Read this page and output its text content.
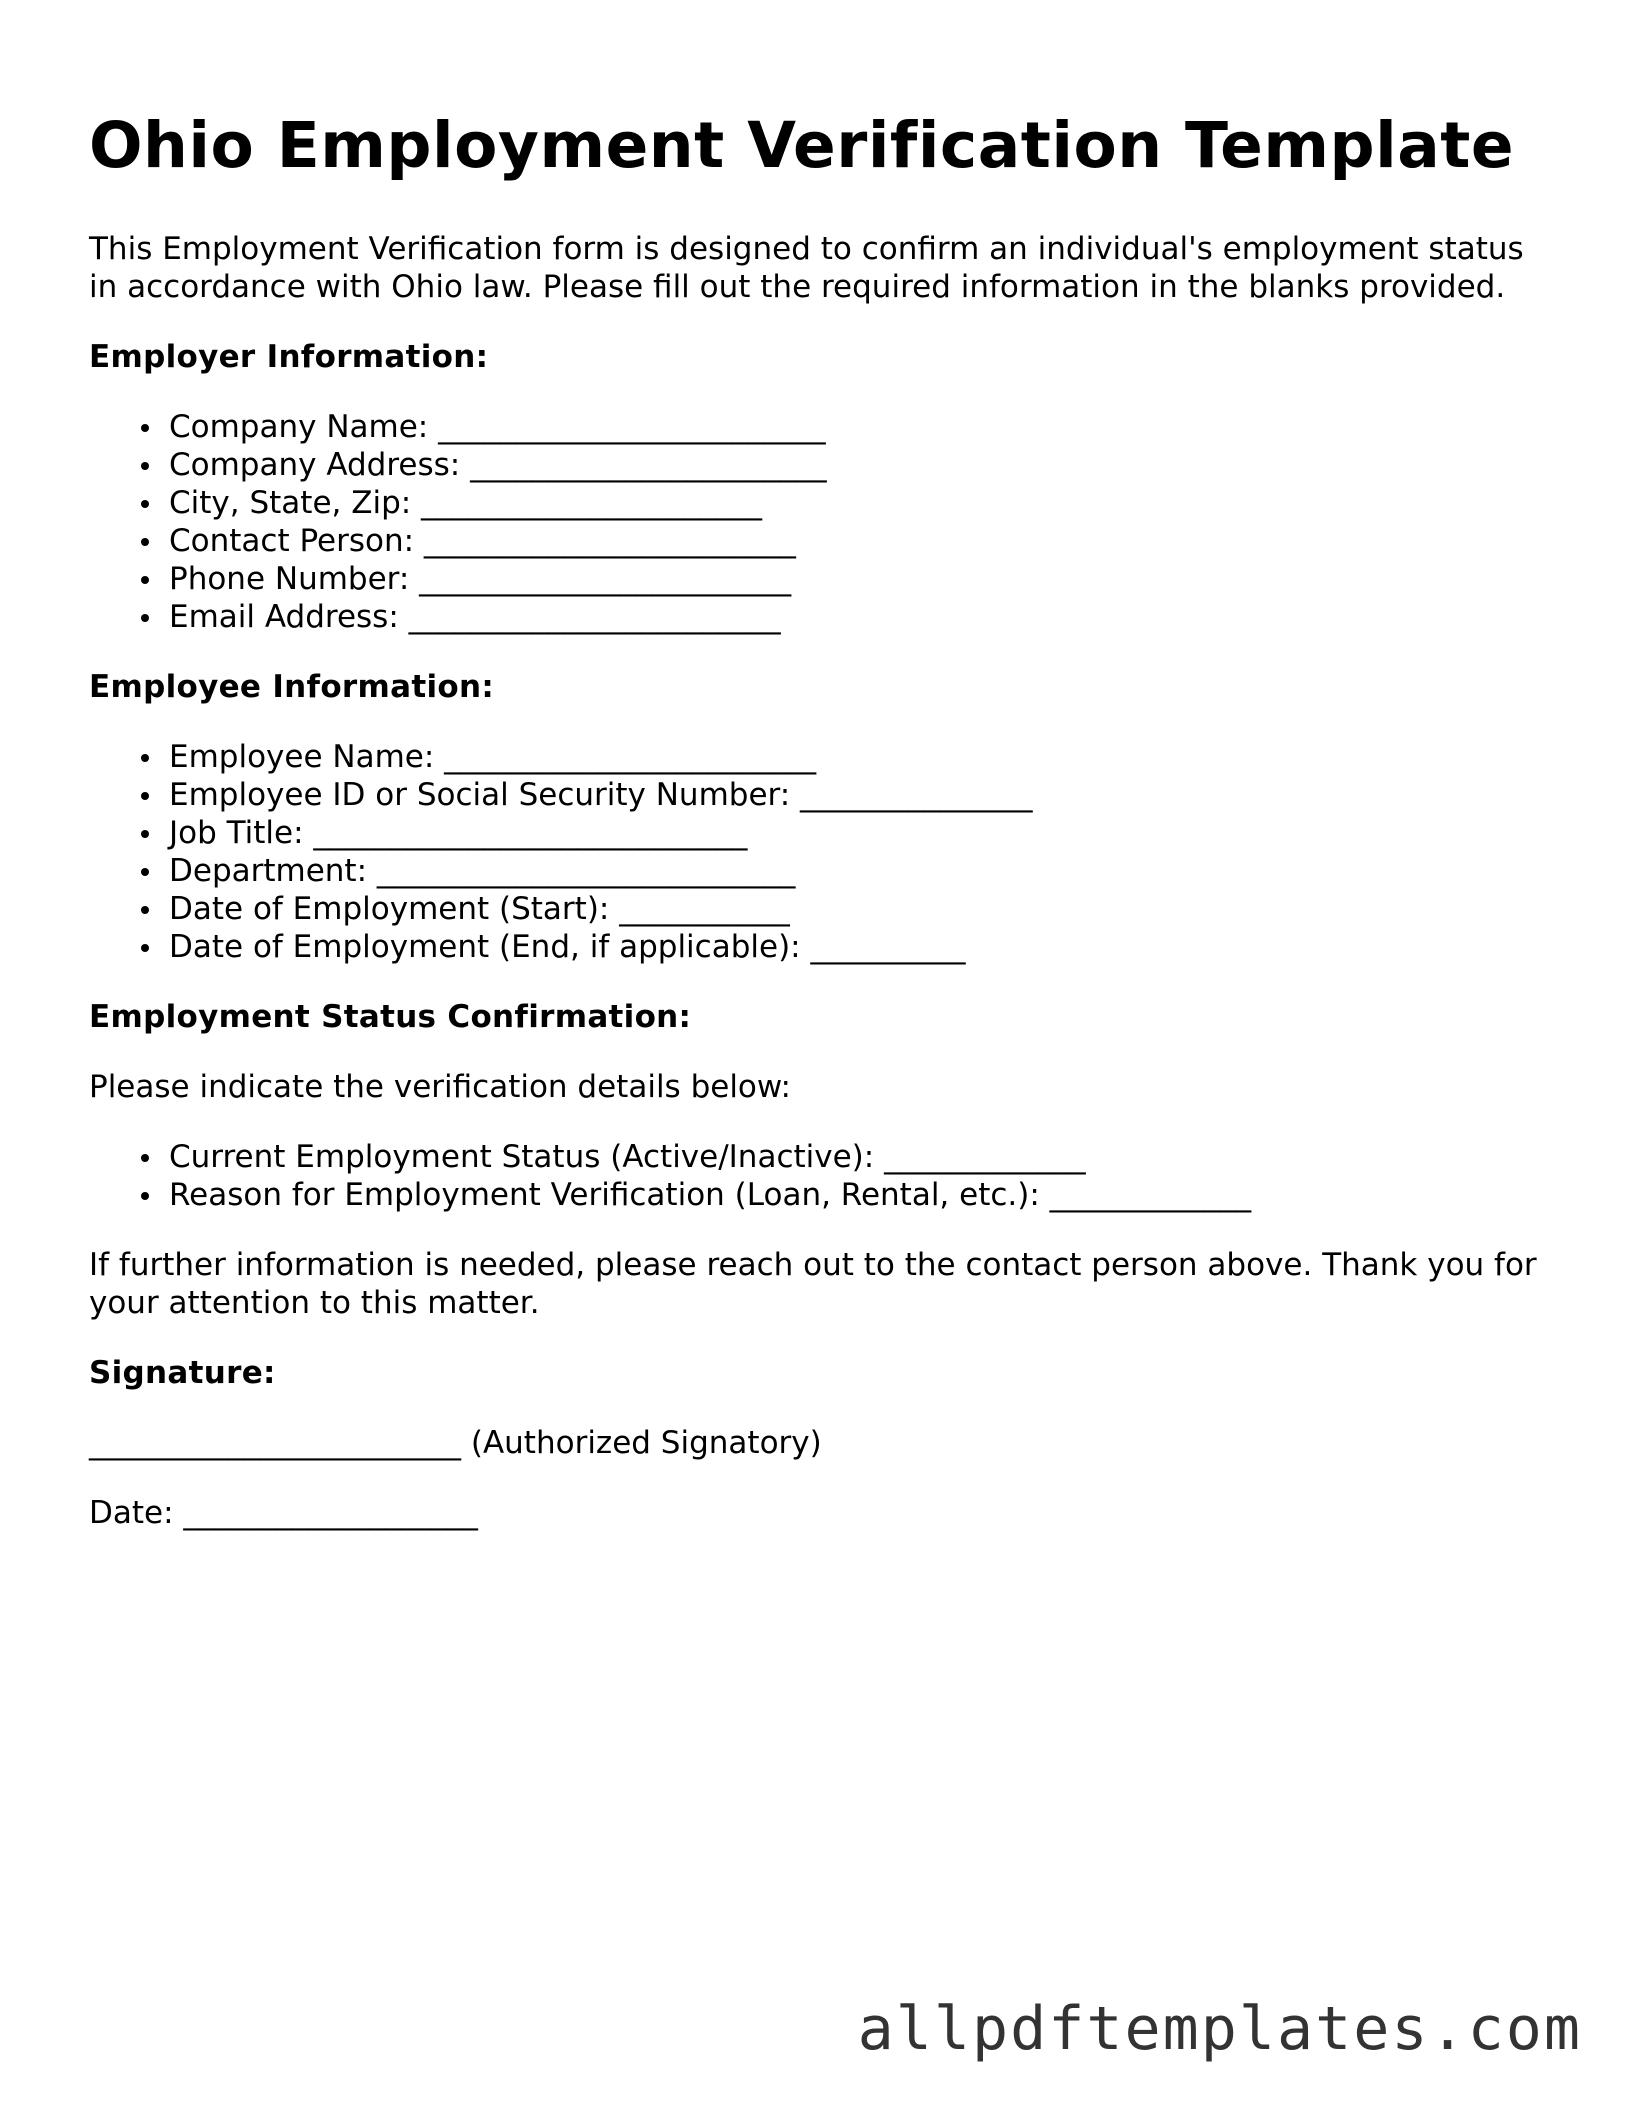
Ohio Employment Verification Template

This Employment Verification form is designed to confirm an individual's employment status in accordance with Ohio law. Please fill out the required information in the blanks provided.

Employer Information:
Company Name: _________________________
Company Address: _______________________
City, State, Zip: ______________________
Contact Person: ________________________
Phone Number: ________________________
Email Address: ________________________
Employee Information:
Employee Name: ________________________
Employee ID or Social Security Number: _______________
Job Title: ____________________________
Department: ___________________________
Date of Employment (Start): ___________
Date of Employment (End, if applicable): __________
Employment Status Confirmation:

Please indicate the verification details below:

Current Employment Status (Active/Inactive): _____________
Reason for Employment Verification (Loan, Rental, etc.): _____________

If further information is needed, please reach out to the contact person above. Thank you for your attention to this matter.

Signature:

________________________ (Authorized Signatory)

Date: ___________________

allpdftemplates.com
